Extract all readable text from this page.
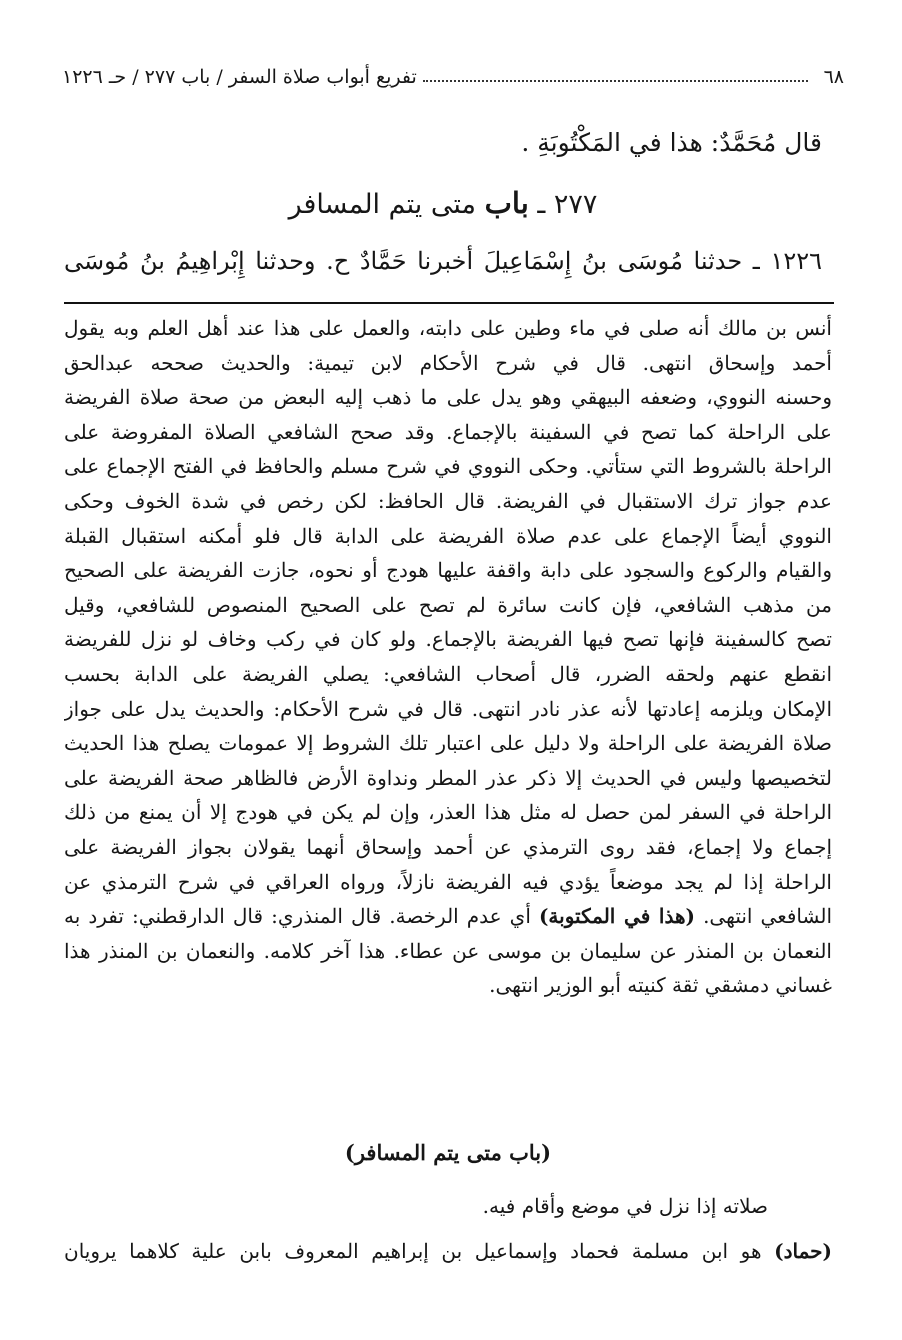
٦٨
تفريع أبواب صلاة السفر / باب ٢٧٧ / حـ ١٢٢٦
قال مُحَمَّدٌ: هذا في المَكْتُوبَةِ .
٢٧٧ ـ باب متى يتم المسافر
١٢٢٦ ـ حدثنا مُوسَى بنُ إِسْمَاعِيلَ أخبرنا حَمَّادٌ ح. وحدثنا إِبْراهِيمُ بنُ مُوسَى
أنس بن مالك أنه صلى في ماء وطين على دابته، والعمل على هذا عند أهل العلم وبه يقول
أحمد وإسحاق انتهى. قال في شرح الأحكام لابن تيمية: والحديث صححه عبدالحق
وحسنه النووي، وضعفه البيهقي وهو يدل على ما ذهب إليه البعض من صحة صلاة الفريضة
على الراحلة كما تصح في السفينة بالإجماع. وقد صحح الشافعي الصلاة المفروضة على
الراحلة بالشروط التي ستأتي. وحكى النووي في شرح مسلم والحافظ في الفتح الإجماع على
عدم جواز ترك الاستقبال في الفريضة. قال الحافظ: لكن رخص في شدة الخوف وحكى
النووي أيضاً الإجماع على عدم صلاة الفريضة على الدابة قال فلو أمكنه استقبال القبلة
والقيام والركوع والسجود على دابة واقفة عليها هودج أو نحوه، جازت الفريضة على الصحيح
من مذهب الشافعي، فإن كانت سائرة لم تصح على الصحيح المنصوص للشافعي، وقيل
تصح كالسفينة فإنها تصح فيها الفريضة بالإجماع. ولو كان في ركب وخاف لو نزل للفريضة
انقطع عنهم ولحقه الضرر، قال أصحاب الشافعي: يصلي الفريضة على الدابة بحسب
الإمكان ويلزمه إعادتها لأنه عذر نادر انتهى. قال في شرح الأحكام: والحديث يدل على جواز
صلاة الفريضة على الراحلة ولا دليل على اعتبار تلك الشروط إلا عمومات يصلح هذا الحديث
لتخصيصها وليس في الحديث إلا ذكر عذر المطر ونداوة الأرض فالظاهر صحة الفريضة على
الراحلة في السفر لمن حصل له مثل هذا العذر، وإن لم يكن في هودج إلا أن يمنع من ذلك
إجماع ولا إجماع، فقد روى الترمذي عن أحمد وإسحاق أنهما يقولان بجواز الفريضة على
الراحلة إذا لم يجد موضعاً يؤدي فيه الفريضة نازلاً، ورواه العراقي في شرح الترمذي عن
الشافعي انتهى. (هذا في المكتوبة) أي عدم الرخصة. قال المنذري: قال الدارقطني: تفرد به
النعمان بن المنذر عن سليمان بن موسى عن عطاء. هذا آخر كلامه. والنعمان بن المنذر هذا
غساني دمشقي ثقة كنيته أبو الوزير انتهى.
(باب متى يتم المسافر)
صلاته إذا نزل في موضع وأقام فيه.
(حماد) هو ابن مسلمة فحماد وإسماعيل بن إبراهيم المعروف بابن علية كلاهما يرويان
